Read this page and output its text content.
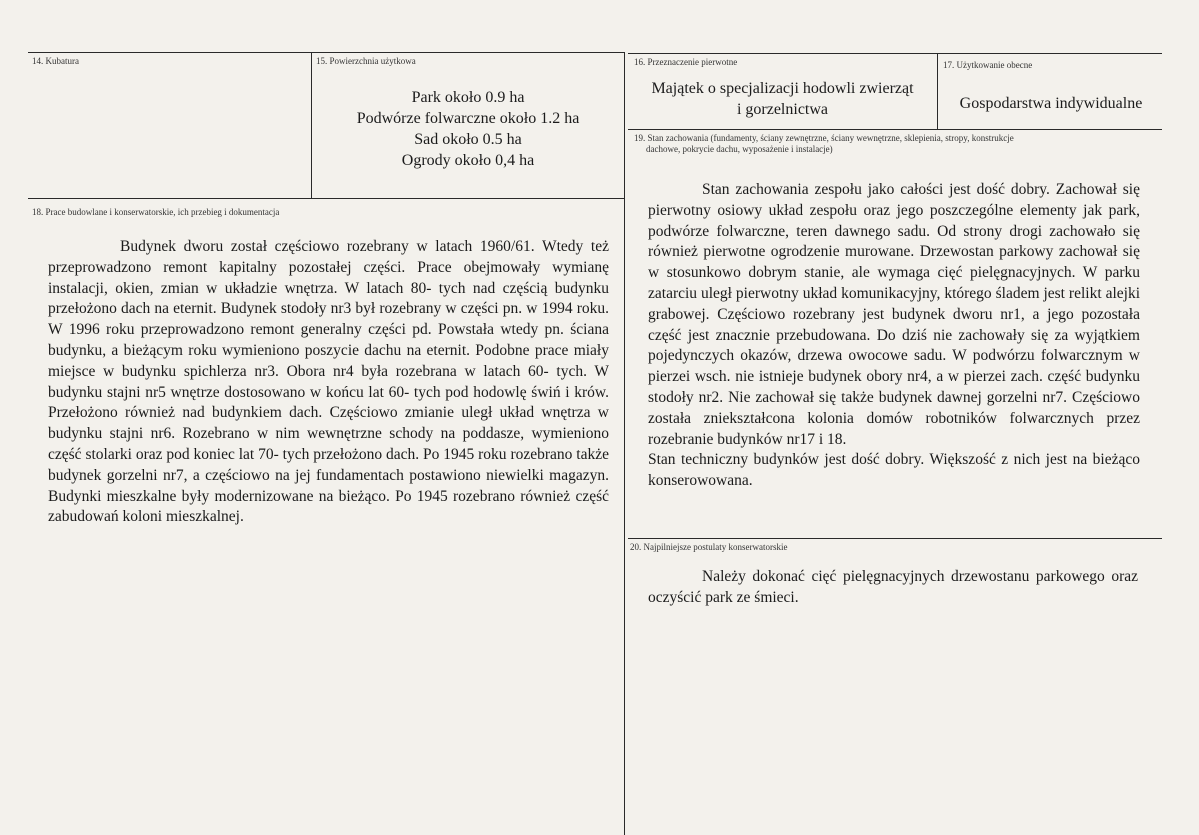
14. Kubatura	15. Powierzchnia użytkowa
Park około 0.9 ha
Podwórze folwarczne około 1.2 ha
Sad około 0.5 ha
Ogrody około 0,4 ha
16. Przeznaczenie pierwotne
Majątek o specjalizacji hodowli zwierząt
i gorzelnictwa
17. Użytkowanie obecne
Gospodarstwa indywidualne
18. Prace budowlane i konserwatorskie, ich przebieg i dokumentacja

Budynek dworu został częściowo rozebrany w latach 1960/61. Wtedy też przeprowadzono remont kapitalny pozostałej części. Prace obejmowały wymianę instalacji, okien, zmian w układzie wnętrza. W latach 80- tych nad częścią budynku przełożono dach na eternit. Budynek stodoły nr3 był rozebrany w części pn. w 1994 roku. W 1996 roku przeprowadzono remont generalny części pd. Powstała wtedy pn. ściana budynku, a bieżącym roku wymieniono poszycie dachu na eternit. Podobne prace miały miejsce w budynku spichlerza nr3. Obora nr4 była rozebrana w latach 60- tych. W budynku stajni nr5 wnętrze dostosowano w końcu lat 60- tych pod hodowlę świń i krów. Przełożono również nad budynkiem dach. Częściowo zmianie uległ układ wnętrza w budynku stajni nr6. Rozebrano w nim wewnętrzne schody na poddasze, wymieniono część stolarki oraz pod koniec lat 70- tych przełożono dach. Po 1945 roku rozebrano także budynek gorzelni nr7, a częściowo na jej fundamentach postawiono niewielki magazyn. Budynki mieszkalne były modernizowane na bieżąco. Po 1945 rozebrano również część zabudowań koloni mieszkalnej.

19. Stan zachowania (fundamenty, ściany zewnętrzne, ściany wewnętrzne, sklepienia, stropy, konstrukcje
dachowe, pokrycie dachu, wyposażenie i instalacje)

Stan zachowania zespołu jako całości jest dość dobry. Zachował się pierwotny osiowy układ zespołu oraz jego poszczególne elementy jak park, podwórze folwarczne, teren dawnego sadu. Od strony drogi zachowało się również pierwotne ogrodzenie murowane. Drzewostan parkowy zachował się w stosunkowo dobrym stanie, ale wymaga cięć pielęgnacyjnych. W parku zatarciu uległ pierwotny układ komunikacyjny, którego śladem jest relikt alejki grabowej. Częściowo rozebrany jest budynek dworu nr1, a jego pozostała część jest znacznie przebudowana. Do dziś nie zachowały się za wyjątkiem pojedynczych okazów, drzewa owocowe sadu. W podwórzu folwarcznym w pierzei wsch. nie istnieje budynek obory nr4, a w pierzei zach. część budynku stodoły nr2. Nie zachował się także budynek dawnej gorzelni nr7. Częściowo została zniekształcona kolonia domów robotników folwarcznych przez rozebranie budynków nr17 i 18.

Stan techniczny budynków jest dość dobry. Większość z nich jest na bieżąco konserowowana.

20. Najpilniejsze postulaty konserwatorskie

Należy dokonać cięć pielęgnacyjnych drzewostanu parkowego oraz oczyścić park ze śmieci.
